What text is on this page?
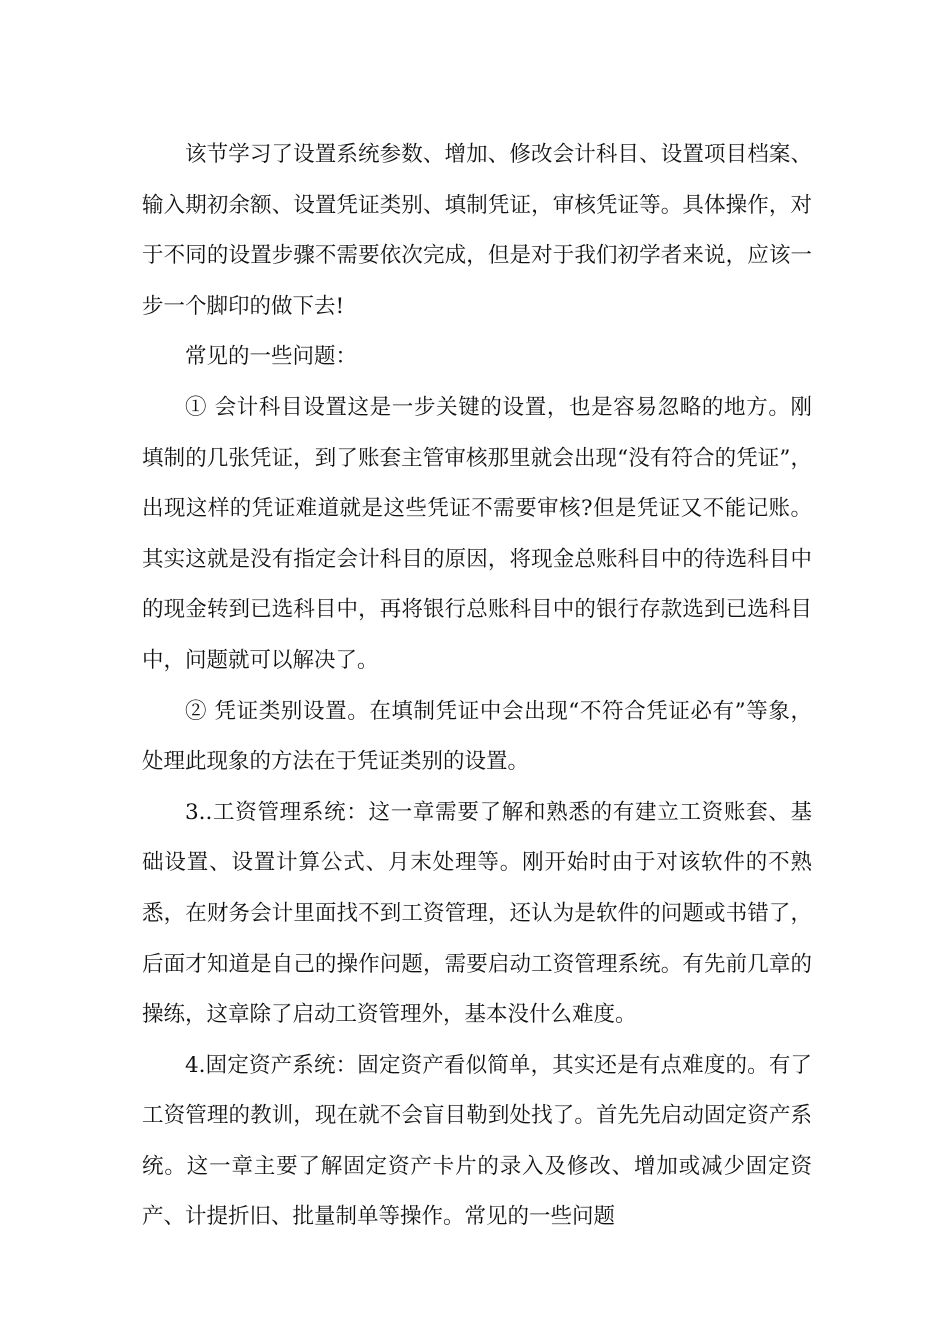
该节学习了设置系统参数、增加、修改会计科目、设置项目档案、输入期初余额、设置凭证类别、填制凭证，审核凭证等。具体操作，对于不同的设置步骤不需要依次完成，但是对于我们初学者来说，应该一步一个脚印的做下去!

常见的一些问题：

① 会计科目设置这是一步关键的设置，也是容易忽略的地方。刚填制的几张凭证，到了账套主管审核那里就会出现“没有符合的凭证”，出现这样的凭证难道就是这些凭证不需要审核?但是凭证又不能记账。其实这就是没有指定会计科目的原因，将现金总账科目中的待选科目中的现金转到已选科目中，再将银行总账科目中的银行存款选到已选科目中，问题就可以解决了。

② 凭证类别设置。在填制凭证中会出现“不符合凭证必有”等象，处理此现象的方法在于凭证类别的设置。

3..工资管理系统：这一章需要了解和熟悉的有建立工资账套、基础设置、设置计算公式、月末处理等。刚开始时由于对该软件的不熟悉，在财务会计里面找不到工资管理，还认为是软件的问题或书错了，后面才知道是自己的操作问题，需要启动工资管理系统。有先前几章的操练，这章除了启动工资管理外，基本没什么难度。

4.固定资产系统：固定资产看似简单，其实还是有点难度的。有了工资管理的教训，现在就不会盲目勒到处找了。首先先启动固定资产系统。这一章主要了解固定资产卡片的录入及修改、增加或减少固定资产、计提折旧、批量制单等操作。常见的一些问题
